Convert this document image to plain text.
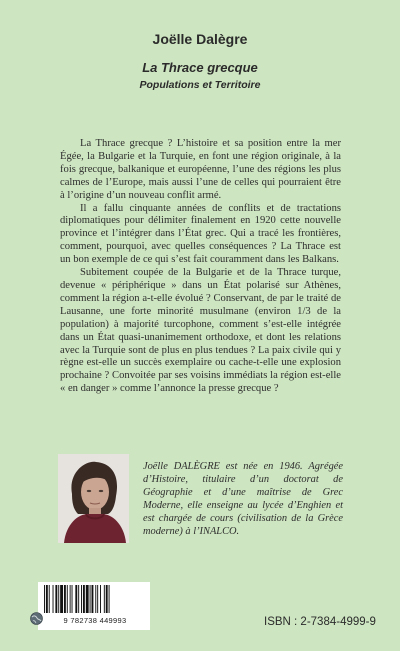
Joëlle Dalègre
La Thrace grecque
Populations et Territoire

La Thrace grecque ? L’histoire et sa position entre la mer Égée, la Bulgarie et la Turquie, en font une région originale, à la fois grecque, balkanique et européenne, l’une des régions les plus calmes de l’Europe, mais aussi l’une de celles qui pourraient être à l’origine d’un nouveau conflit armé.

Il a fallu cinquante années de conflits et de tractations diplomatiques pour délimiter finalement en 1920 cette nouvelle province et l’intégrer dans l’État grec. Qui a tracé les frontières, comment, pourquoi, avec quelles conséquences ? La Thrace est un bon exemple de ce qui s’est fait couramment dans les Balkans.

Subitement coupée de la Bulgarie et de la Thrace turque, devenue « périphérique » dans un État polarisé sur Athènes, comment la région a-t-elle évolué ? Conservant, de par le traité de Lausanne, une forte minorité musulmane (environ 1/3 de la population) à majorité turcophone, comment s’est-elle intégrée dans un État quasi-unanimement orthodoxe, et dont les relations avec la Turquie sont de plus en plus tendues ? La paix civile qui y règne est-elle un succès exemplaire ou cache-t-elle une explosion prochaine ? Convoitée par ses voisins immédiats la région est-elle « en danger » comme l’annonce la presse grecque ?

Joëlle DALÈGRE est née en 1946. Agrégée d’Histoire, titulaire d’un doctorat de Géographie et d’une maîtrise de Grec Moderne, elle enseigne au lycée d’Enghien et est chargée de cours (civilisation de la Grèce moderne) à l’INALCO.
9 782738 449993	ISBN : 2-7384-4999-9
